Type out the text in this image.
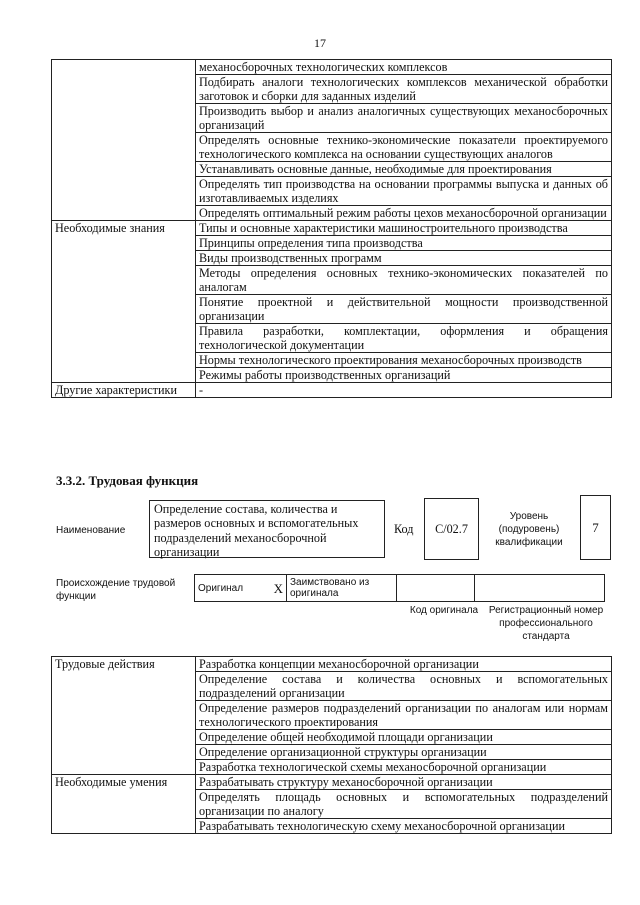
17
	механосборочных технологических комплексов
	Подбирать аналоги технологических комплексов механической обработки заготовок и сборки для заданных изделий
	Производить выбор и анализ аналогичных существующих механосборочных организаций
	Определять основные технико-экономические показатели проектируемого технологического комплекса на основании существующих аналогов
	Устанавливать основные данные, необходимые для проектирования
	Определять тип производства на основании программы выпуска и данных об изготавливаемых изделиях
	Определять оптимальный режим работы цехов механосборочной организации
Необходимые знания	Типы и основные характеристики машиностроительного производства
	Принципы определения типа производства
	Виды производственных программ
	Методы определения основных технико-экономических показателей по аналогам
	Понятие проектной и действительной мощности производственной организации
	Правила разработки, комплектации, оформления и обращения технологической документации
	Нормы технологического проектирования механосборочных производств
	Режимы работы производственных организаций
Другие характеристики	-
3.3.2. Трудовая функция
Наименование
Определение состава, количества и размеров основных и вспомогательных подразделений механосборочной организации
Код	С/02.7
Уровень (подуровень) квалификации
7
Происхождение трудовой функции
Оригинал X	Заимствовано из оригинала		
Код оригинала	Регистрационный номер профессионального стандарта
Трудовые действия	Разработка концепции механосборочной организации
	Определение состава и количества основных и вспомогательных подразделений организации
	Определение размеров подразделений организации по аналогам или нормам технологического проектирования
	Определение общей необходимой площади организации
	Определение организационной структуры организации
	Разработка технологической схемы механосборочной организации
Необходимые умения	Разрабатывать структуру механосборочной организации
	Определять площадь основных и вспомогательных подразделений организации по аналогу
	Разрабатывать технологическую схему механосборочной организации
